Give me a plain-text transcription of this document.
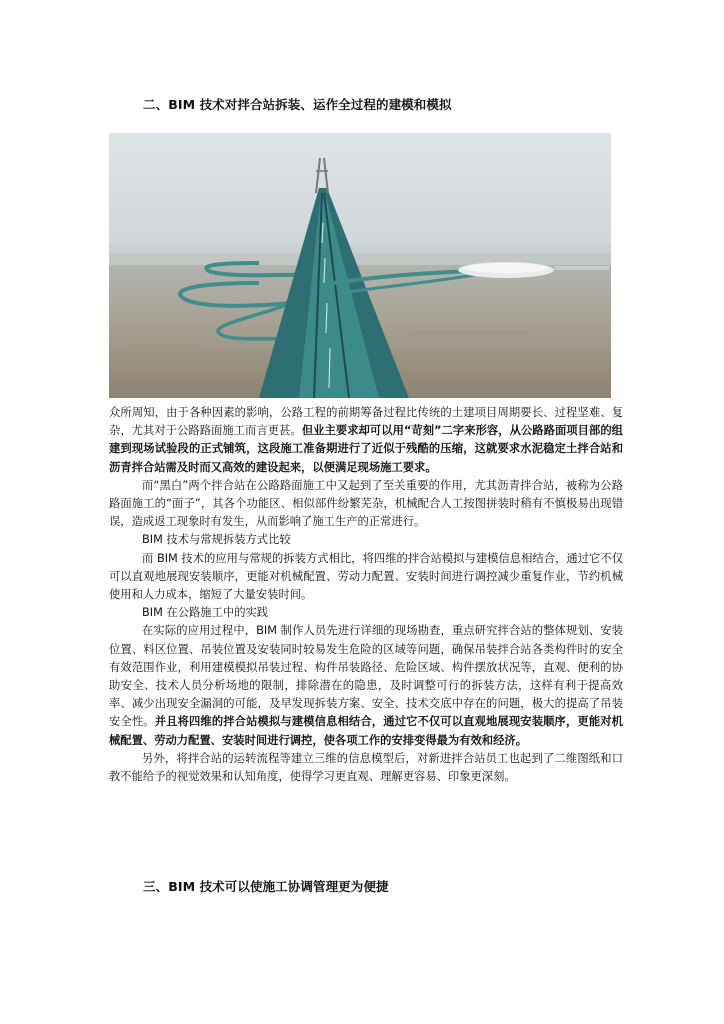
二、BIM 技术对拌合站拆装、运作全过程的建模和模拟

众所周知，由于各种因素的影响，公路工程的前期筹备过程比传统的土建项目周期要长、过程坚难、复杂，尤其对于公路路面施工而言更甚。但业主要求却可以用“苛刻”二字来形容，从公路路面项目部的组建到现场试验段的正式铺筑，这段施工准备期进行了近似于残酷的压缩，这就要求水泥稳定土拌合站和沥青拌合站需及时而又高效的建设起来，以便满足现场施工要求。

而“黑白”两个拌合站在公路路面施工中又起到了至关重要的作用，尤其沥青拌合站，被称为公路路面施工的“面子”，其各个功能区、相似部件纷繁芜杂，机械配合人工按图拼装时稍有不慎极易出现错误，造成返工现象时有发生，从而影响了施工生产的正常进行。

BIM 技术与常规拆装方式比较

而 BIM 技术的应用与常规的拆装方式相比，将四维的拌合站模拟与建模信息相结合，通过它不仅可以直观地展现安装顺序，更能对机械配置、劳动力配置、安装时间进行调控减少重复作业，节约机械使用和人力成本，缩短了大量安装时间。

BIM 在公路施工中的实践

在实际的应用过程中，BIM 制作人员先进行详细的现场勘查，重点研究拌合站的整体规划、安装位置、料区位置、吊装位置及安装同时较易发生危险的区域等问题，确保吊装拌合站各类构件时的安全有效范围作业，利用建模模拟吊装过程、构件吊装路径、危险区域、构件摆放状况等，直观、便利的协助安全、技术人员分析场地的限制，排除潜在的隐患，及时调整可行的拆装方法，这样有利于提高效率、减少出现安全漏洞的可能，及早发现拆装方案、安全、技术交底中存在的问题，极大的提高了吊装安全性。并且将四维的拌合站模拟与建模信息相结合，通过它不仅可以直观地展现安装顺序，更能对机械配置、劳动力配置、安装时间进行调控，使各项工作的安排变得最为有效和经济。

另外，将拌合站的运转流程等建立三维的信息模型后，对新进拌合站员工也起到了二维图纸和口教不能给予的视觉效果和认知角度，使得学习更直观、理解更容易、印象更深刻。

三、BIM 技术可以使施工协调管理更为便捷
